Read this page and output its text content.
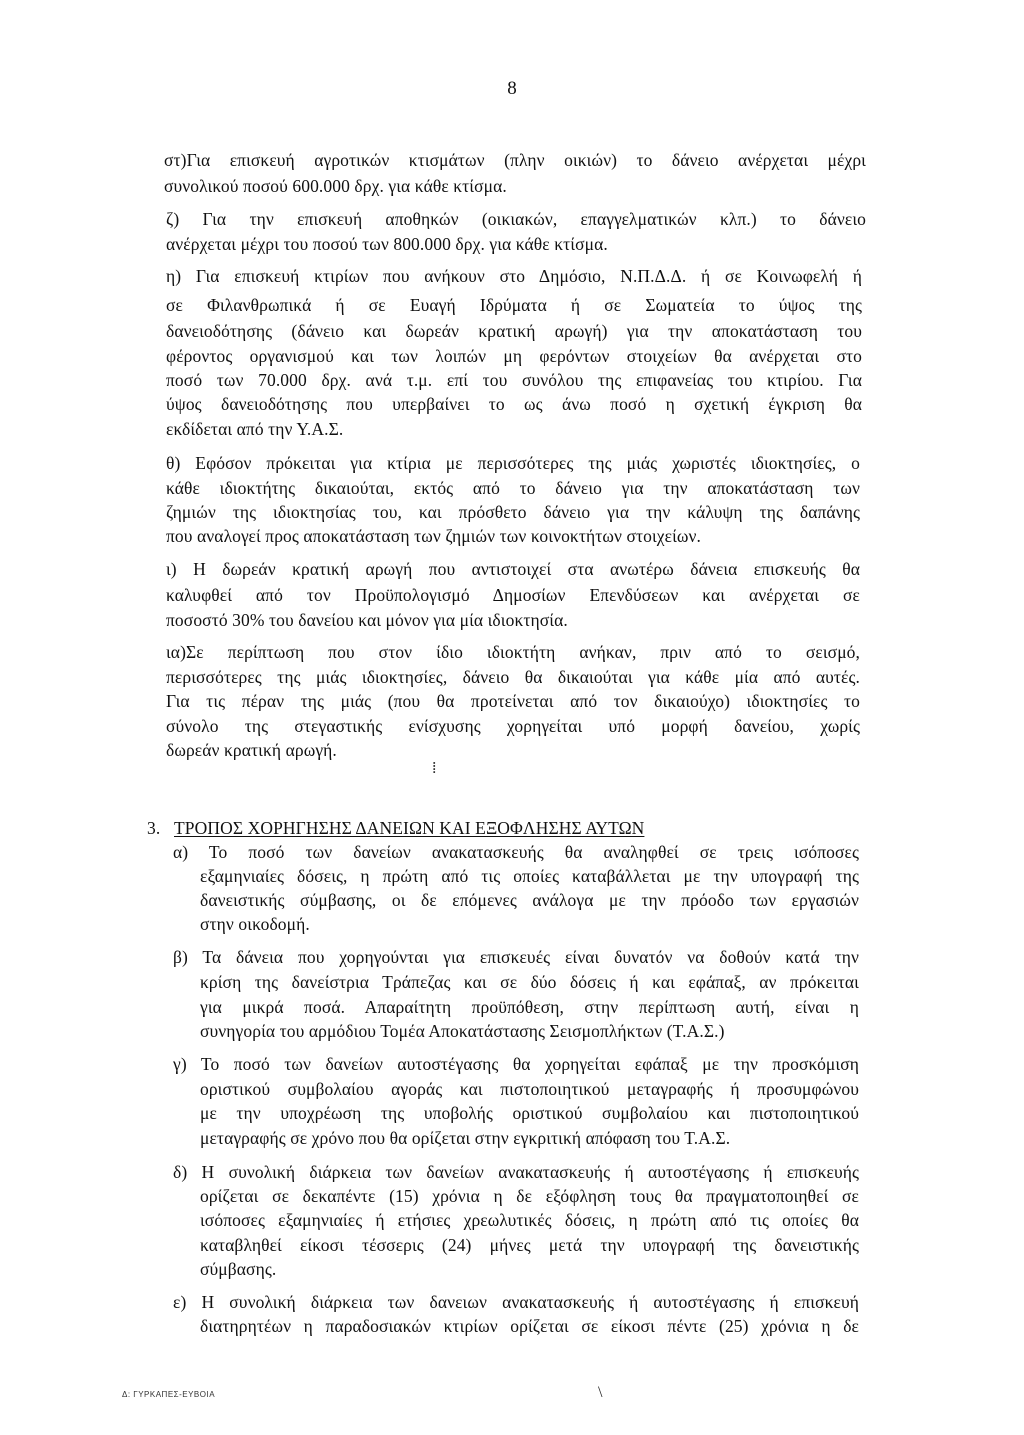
8
στ)Για επισκευή αγροτικών κτισμάτων (πλην οικιών) το δάνειο ανέρχεται μέχρι
συνολικού ποσού 600.000 δρχ. για κάθε κτίσμα.
ζ) Για την επισκευή αποθηκών (οικιακών, επαγγελματικών κλπ.) το δάνειο
ανέρχεται μέχρι του ποσού των 800.000 δρχ. για κάθε κτίσμα.
η) Για επισκευή κτιρίων που ανήκουν στο Δημόσιο, Ν.Π.Δ.Δ. ή σε Κοινωφελή ή
σε Φιλανθρωπικά ή σε Ευαγή Ιδρύματα ή σε Σωματεία το ύψος της
δανειοδότησης (δάνειο και δωρεάν κρατική αρωγή) για την αποκατάσταση του
φέροντος οργανισμού και των λοιπών μη φερόντων στοιχείων θα ανέρχεται στο
ποσό των 70.000 δρχ. ανά τ.μ. επί του συνόλου της επιφανείας του κτιρίου. Για
ύψος δανειοδότησης που υπερβαίνει το ως άνω ποσό η σχετική έγκριση θα
εκδίδεται από την Υ.Α.Σ.
θ) Εφόσον πρόκειται για κτίρια με περισσότερες της μιάς χωριστές ιδιοκτησίες, ο
κάθε ιδιοκτήτης δικαιούται, εκτός από το δάνειο για την αποκατάσταση των
ζημιών της ιδιοκτησίας του, και πρόσθετο δάνειο για την κάλυψη της δαπάνης
που αναλογεί προς αποκατάσταση των ζημιών των κοινοκτήτων στοιχείων.
ι) Η δωρεάν κρατική αρωγή που αντιστοιχεί στα ανωτέρω δάνεια επισκευής θα
καλυφθεί από τον Προϋπολογισμό Δημοσίων Επενδύσεων και ανέρχεται σε
ποσοστό 30% του δανείου και μόνον για μία ιδιοκτησία.
ια)Σε περίπτωση που στον ίδιο ιδιοκτήτη ανήκαν, πριν από το σεισμό,
περισσότερες της μιάς ιδιοκτησίες, δάνειο θα δικαιούται για κάθε μία από αυτές.
Για τις πέραν της μιάς (που θα προτείνεται από τον δικαιούχο) ιδιοκτησίες το
σύνολο της στεγαστικής ενίσχυσης χορηγείται υπό μορφή δανείου, χωρίς
δωρεάν κρατική αρωγή.
⁞
3. ΤΡΟΠΟΣ ΧΟΡΗΓΗΣΗΣ ΔΑΝΕΙΩΝ ΚΑΙ ΕΞΟΦΛΗΣΗΣ ΑΥΤΩΝ
α) Το ποσό των δανείων ανακατασκευής θα αναληφθεί σε τρεις ισόποσες
εξαμηνιαίες δόσεις, η πρώτη από τις οποίες καταβάλλεται με την υπογραφή της
δανειστικής σύμβασης, οι δε επόμενες ανάλογα με την πρόοδο των εργασιών
στην οικοδομή.
β) Τα δάνεια που χορηγούνται για επισκευές είναι δυνατόν να δοθούν κατά την
κρίση της δανείστρια Τράπεζας και σε δύο δόσεις ή και εφάπαξ, αν πρόκειται
για μικρά ποσά. Απαραίτητη προϋπόθεση, στην περίπτωση αυτή, είναι η
συνηγορία του αρμόδιου Τομέα Αποκατάστασης Σεισμοπλήκτων (Τ.Α.Σ.)
γ) Το ποσό των δανείων αυτοστέγασης θα χορηγείται εφάπαξ με την προσκόμιση
οριστικού συμβολαίου αγοράς και πιστοποιητικού μεταγραφής ή προσυμφώνου
με την υποχρέωση της υποβολής οριστικού συμβολαίου και πιστοποιητικού
μεταγραφής σε χρόνο που θα ορίζεται στην εγκριτική απόφαση του Τ.Α.Σ.
δ) Η συνολική διάρκεια των δανείων ανακατασκευής ή αυτοστέγασης ή επισκευής
ορίζεται σε δεκαπέντε (15) χρόνια η δε εξόφληση τους θα πραγματοποιηθεί σε
ισόποσες εξαμηνιαίες ή ετήσιες χρεωλυτικές δόσεις, η πρώτη από τις οποίες θα
καταβληθεί είκοσι τέσσερις (24) μήνες μετά την υπογραφή της δανειστικής
σύμβασης.
ε) Η συνολική διάρκεια των δανειων ανακατασκευής ή αυτοστέγασης ή επισκευή
διατηρητέων η παραδοσιακών κτιρίων ορίζεται σε είκοσι πέντε (25) χρόνια η δε
Δ: ΓΥΡΚΑΠΕΣ-ΕΥΒΟΙΑ	\
